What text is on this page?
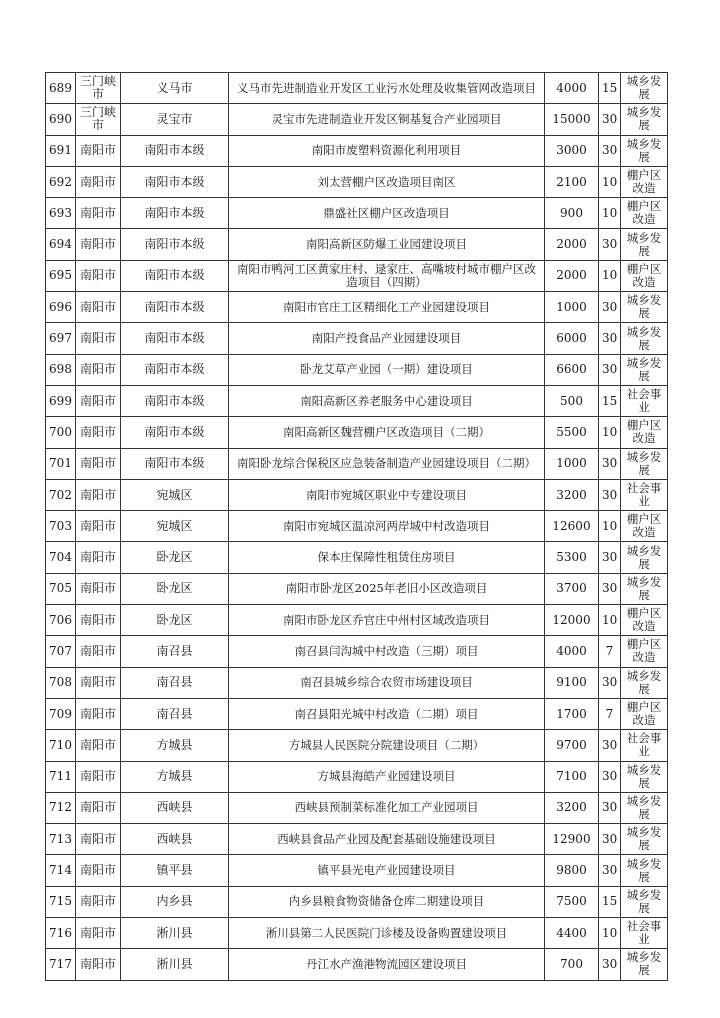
689	三门峡市	义马市	义马市先进制造业开发区工业污水处理及收集管网改造项目	4000	15	城乡发展
690	三门峡市	灵宝市	灵宝市先进制造业开发区铜基复合产业园项目	15000	30	城乡发展
691	南阳市	南阳市本级	南阳市废塑料资源化利用项目	3000	30	城乡发展
692	南阳市	南阳市本级	刘太营棚户区改造项目南区	2100	10	棚户区改造
693	南阳市	南阳市本级	鼎盛社区棚户区改造项目	900	10	棚户区改造
694	南阳市	南阳市本级	南阳高新区防爆工业园建设项目	2000	30	城乡发展
695	南阳市	南阳市本级	南阳市鸭河工区黄家庄村、逯家庄、高嘴坡村城市棚户区改造项目（四期）	2000	10	棚户区改造
696	南阳市	南阳市本级	南阳市官庄工区精细化工产业园建设项目	1000	30	城乡发展
697	南阳市	南阳市本级	南阳产投食品产业园建设项目	6000	30	城乡发展
698	南阳市	南阳市本级	卧龙艾草产业园（一期）建设项目	6600	30	城乡发展
699	南阳市	南阳市本级	南阳高新区养老服务中心建设项目	500	15	社会事业
700	南阳市	南阳市本级	南阳高新区魏营棚户区改造项目（二期）	5500	10	棚户区改造
701	南阳市	南阳市本级	南阳卧龙综合保税区应急装备制造产业园建设项目（二期）	1000	30	城乡发展
702	南阳市	宛城区	南阳市宛城区职业中专建设项目	3200	30	社会事业
703	南阳市	宛城区	南阳市宛城区温凉河两岸城中村改造项目	12600	10	棚户区改造
704	南阳市	卧龙区	保本庄保障性租赁住房项目	5300	30	城乡发展
705	南阳市	卧龙区	南阳市卧龙区2025年老旧小区改造项目	3700	30	城乡发展
706	南阳市	卧龙区	南阳市卧龙区乔官庄中州村区域改造项目	12000	10	棚户区改造
707	南阳市	南召县	南召县闫沟城中村改造（三期）项目	4000	7	棚户区改造
708	南阳市	南召县	南召县城乡综合农贸市场建设项目	9100	30	城乡发展
709	南阳市	南召县	南召县阳光城中村改造（二期）项目	1700	7	棚户区改造
710	南阳市	方城县	方城县人民医院分院建设项目（二期）	9700	30	社会事业
711	南阳市	方城县	方城县海皓产业园建设项目	7100	30	城乡发展
712	南阳市	西峡县	西峡县预制菜标准化加工产业园项目	3200	30	城乡发展
713	南阳市	西峡县	西峡县食品产业园及配套基础设施建设项目	12900	30	城乡发展
714	南阳市	镇平县	镇平县光电产业园建设项目	9800	30	城乡发展
715	南阳市	内乡县	内乡县粮食物资储备仓库二期建设项目	7500	15	城乡发展
716	南阳市	淅川县	淅川县第二人民医院门诊楼及设备购置建设项目	4400	10	社会事业
717	南阳市	淅川县	丹江水产渔港物流园区建设项目	700	30	城乡发展
